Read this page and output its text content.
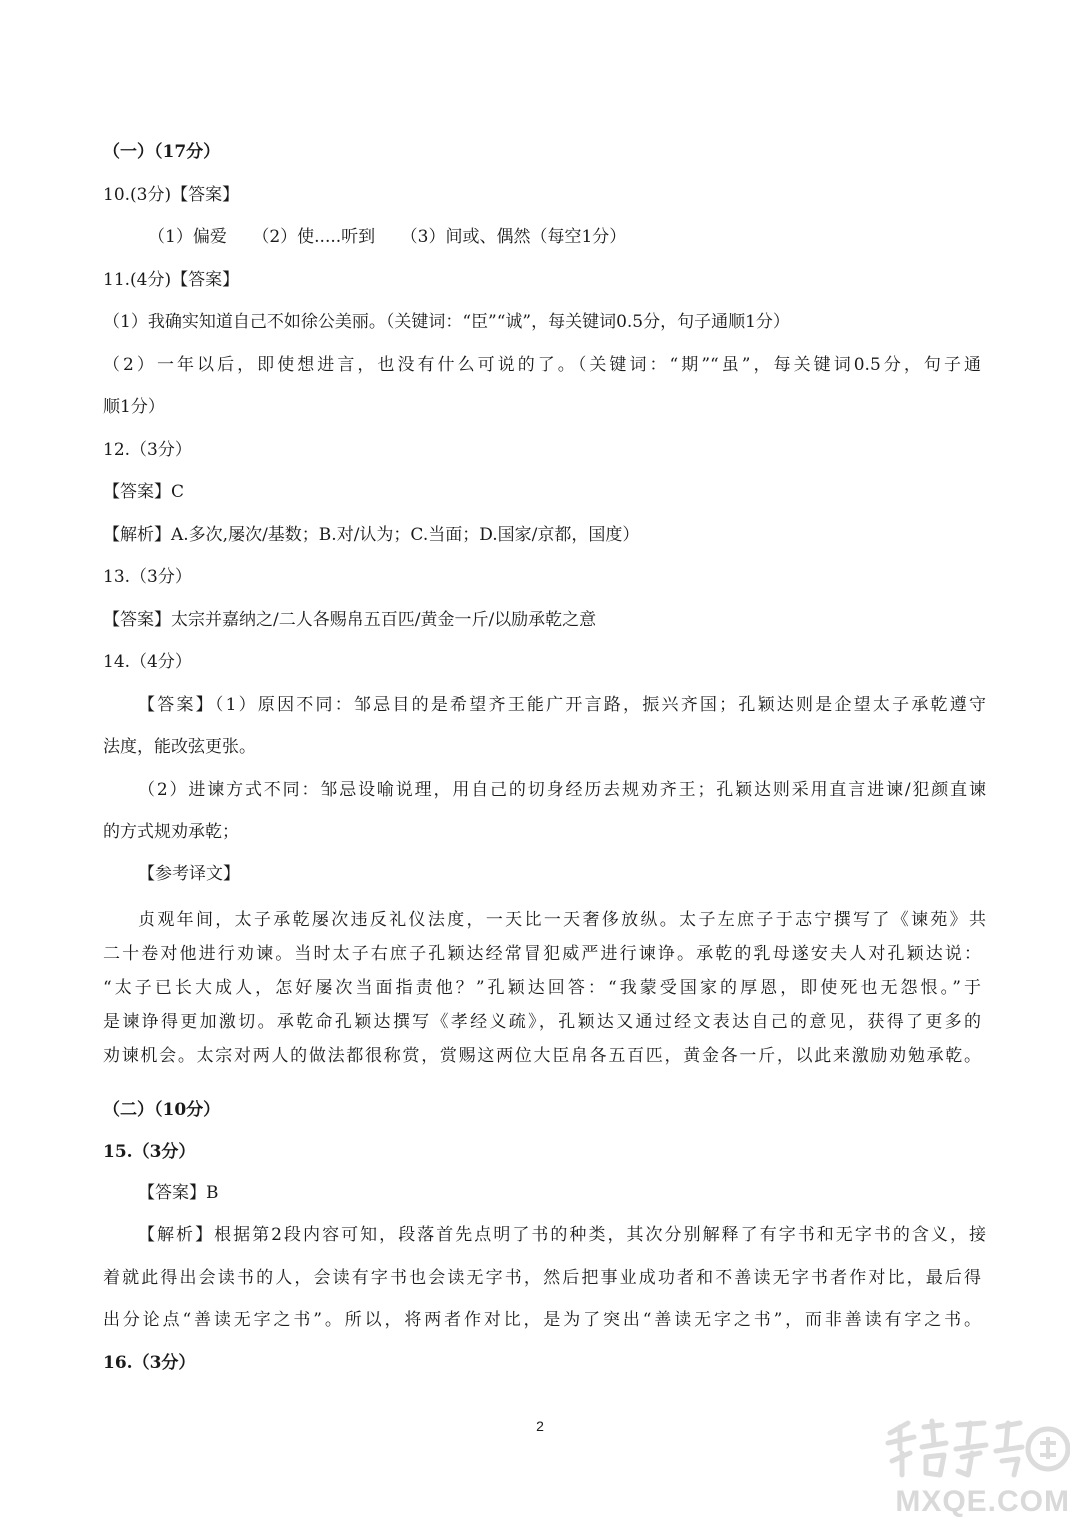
（一）（17分）
10.(3分)【答案】
（1）偏爱　　（2）使.....听到　　（3）间或、偶然（每空1分）
11.(4分)【答案】
（1）我确实知道自己不如徐公美丽。（关键词：“臣”“诚”，每关键词0.5分，句子通顺1分）
（2）一年以后，即使想进言，也没有什么可说的了。（关键词：“期”“虽”，每关键词0.5分，句子通
顺1分）
12.（3分）
【答案】C
【解析】A.多次,屡次/基数；B.对/认为；C.当面；D.国家/京都，国度）
13.（3分）
【答案】太宗并嘉纳之/二人各赐帛五百匹/黄金一斤/以励承乾之意
14.（4分）
【答案】（1）原因不同：邹忌目的是希望齐王能广开言路，振兴齐国；孔颖达则是企望太子承乾遵守
法度，能改弦更张。
（2）进谏方式不同：邹忌设喻说理，用自己的切身经历去规劝齐王；孔颖达则采用直言进谏/犯颜直谏
的方式规劝承乾；
【参考译文】
贞观年间，太子承乾屡次违反礼仪法度，一天比一天奢侈放纵。太子左庶子于志宁撰写了《谏苑》共
二十卷对他进行劝谏。当时太子右庶子孔颖达经常冒犯威严进行谏诤。承乾的乳母遂安夫人对孔颖达说：
“太子已长大成人，怎好屡次当面指责他？”孔颖达回答：“我蒙受国家的厚恩，即使死也无怨恨。”于
是谏诤得更加激切。承乾命孔颖达撰写《孝经义疏》，孔颖达又通过经文表达自己的意见，获得了更多的
劝谏机会。太宗对两人的做法都很称赏，赏赐这两位大臣帛各五百匹，黄金各一斤，以此来激励劝勉承乾。
（二）（10分）
15.（3分）
【答案】B
【解析】根据第2段内容可知，段落首先点明了书的种类，其次分别解释了有字书和无字书的含义，接
着就此得出会读书的人，会读有字书也会读无字书，然后把事业成功者和不善读无字书者作对比，最后得
出分论点“善读无字之书”。所以，将两者作对比，是为了突出“善读无字之书”，而非善读有字之书。
16.（3分）
2
MXQE.COM
